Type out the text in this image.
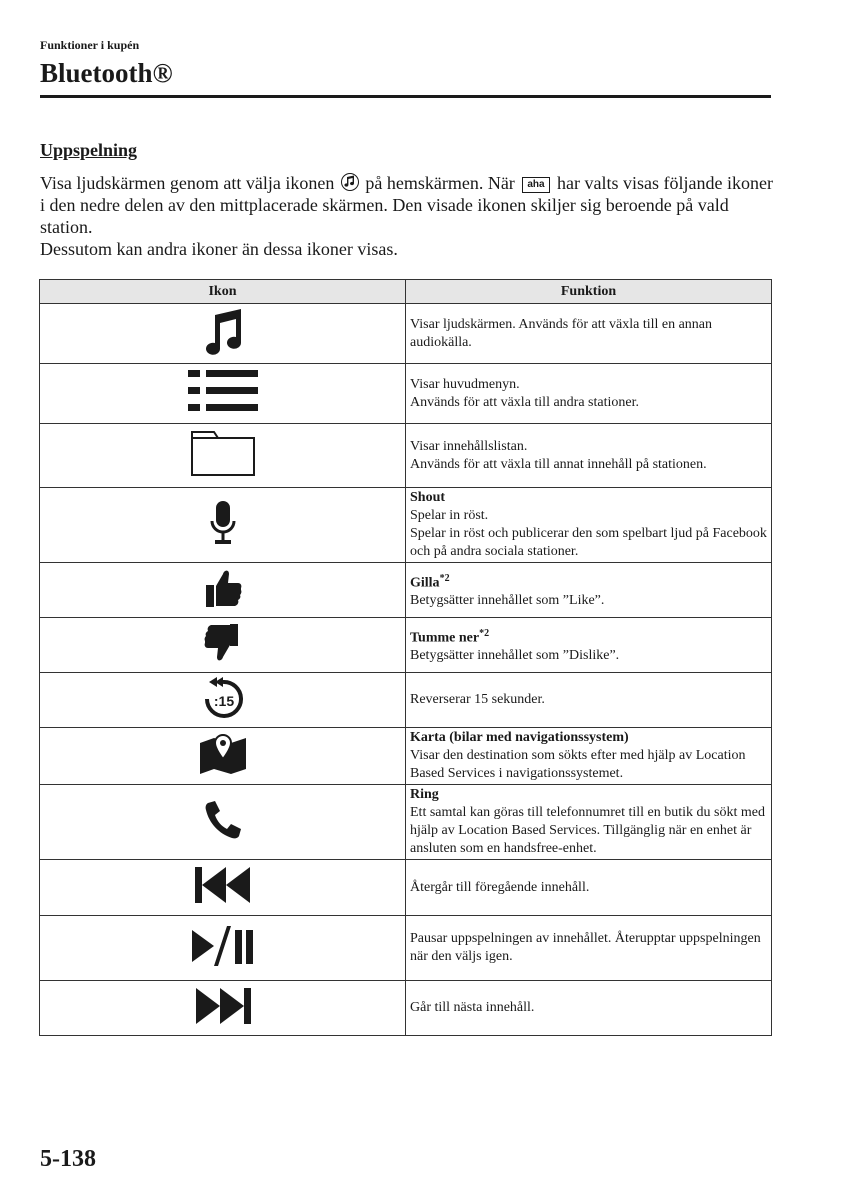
Funktioner i kupén
Bluetooth®
Uppspelning

Visa ljudskärmen genom att välja ikonen på hemskärmen. När aha har valts visas följande ikoner i den nedre delen av den mittplacerade skärmen. Den visade ikonen skiljer sig beroende på vald station.

Dessutom kan andra ikoner än dessa ikoner visas.

Ikon	Funktion

Visar ljudskärmen. Används för att växla till en annan audiokälla.

Visar huvudmenyn.
Används för att växla till andra stationer.

Visar innehållslistan.
Används för att växla till annat innehåll på stationen.

Shout
Spelar in röst.
Spelar in röst och publicerar den som spelbart ljud på Facebook och på andra sociala stationer.

Gilla$^{*2}$
Betygsätter innehållet som ”Like”.

Tumme ner$^{*2}$
Betygsätter innehållet som ”Dislike”.

:15	Reverserar 15 sekunder.

Karta (bilar med navigationssystem)
Visar den destination som sökts efter med hjälp av Location Based Services i navigationssystemet.

Ring
Ett samtal kan göras till telefonnumret till en butik du sökt med hjälp av Location Based Services. Tillgänglig när en enhet är ansluten som en handsfree-enhet.

Återgår till föregående innehåll.

Pausar uppspelningen av innehållet. Återupptar uppspelningen när den väljs igen.

Går till nästa innehåll.
5-138
